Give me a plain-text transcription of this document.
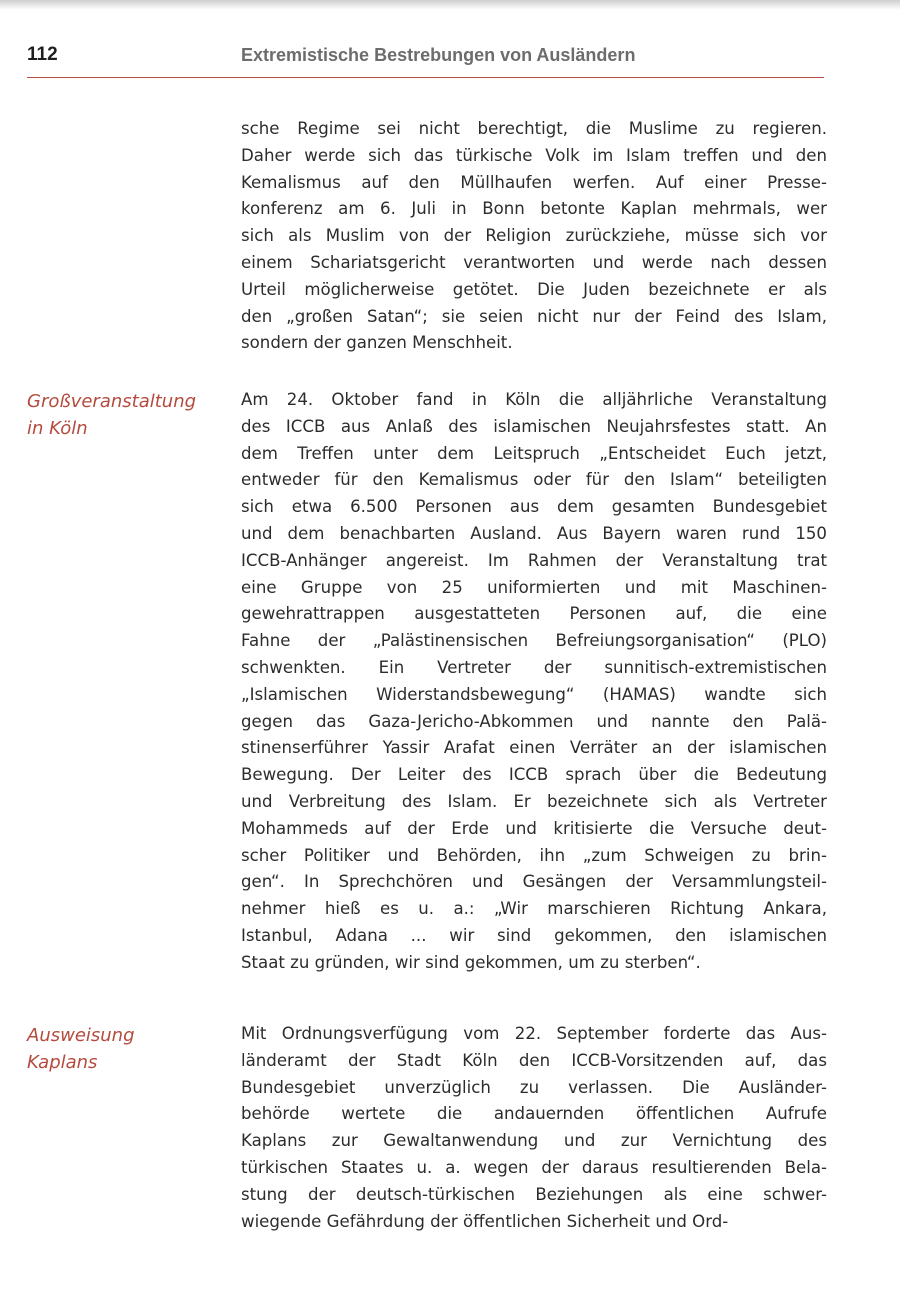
112	Extremistische Bestrebungen von Ausländern
Großveranstaltung
in Köln
Ausweisung
Kaplans
sche Regime sei nicht berechtigt, die Muslime zu regieren.
Daher werde sich das türkische Volk im Islam treffen und den
Kemalismus auf den Müllhaufen werfen. Auf einer Presse-
konferenz am 6. Juli in Bonn betonte Kaplan mehrmals, wer
sich als Muslim von der Religion zurückziehe, müsse sich vor
einem Schariatsgericht verantworten und werde nach dessen
Urteil möglicherweise getötet. Die Juden bezeichnete er als
den „großen Satan“; sie seien nicht nur der Feind des Islam,
sondern der ganzen Menschheit.
Am 24. Oktober fand in Köln die alljährliche Veranstaltung
des ICCB aus Anlaß des islamischen Neujahrsfestes statt. An
dem Treffen unter dem Leitspruch „Entscheidet Euch jetzt,
entweder für den Kemalismus oder für den Islam“ beteiligten
sich etwa 6.500 Personen aus dem gesamten Bundesgebiet
und dem benachbarten Ausland. Aus Bayern waren rund 150
ICCB-Anhänger angereist. Im Rahmen der Veranstaltung trat
eine Gruppe von 25 uniformierten und mit Maschinen-
gewehrattrappen ausgestatteten Personen auf, die eine
Fahne der „Palästinensischen Befreiungsorganisation“ (PLO)
schwenkten. Ein Vertreter der sunnitisch-extremistischen
„Islamischen Widerstandsbewegung“ (HAMAS) wandte sich
gegen das Gaza-Jericho-Abkommen und nannte den Palä-
stinenserführer Yassir Arafat einen Verräter an der islamischen
Bewegung. Der Leiter des ICCB sprach über die Bedeutung
und Verbreitung des Islam. Er bezeichnete sich als Vertreter
Mohammeds auf der Erde und kritisierte die Versuche deut-
scher Politiker und Behörden, ihn „zum Schweigen zu brin-
gen“. In Sprechchören und Gesängen der Versammlungsteil-
nehmer hieß es u. a.: „Wir marschieren Richtung Ankara,
Istanbul, Adana ... wir sind gekommen, den islamischen
Staat zu gründen, wir sind gekommen, um zu sterben“.
Mit Ordnungsverfügung vom 22. September forderte das Aus-
länderamt der Stadt Köln den ICCB-Vorsitzenden auf, das
Bundesgebiet unverzüglich zu verlassen. Die Ausländer-
behörde wertete die andauernden öffentlichen Aufrufe
Kaplans zur Gewaltanwendung und zur Vernichtung des
türkischen Staates u. a. wegen der daraus resultierenden Bela-
stung der deutsch-türkischen Beziehungen als eine schwer-
wiegende Gefährdung der öffentlichen Sicherheit und Ord-
